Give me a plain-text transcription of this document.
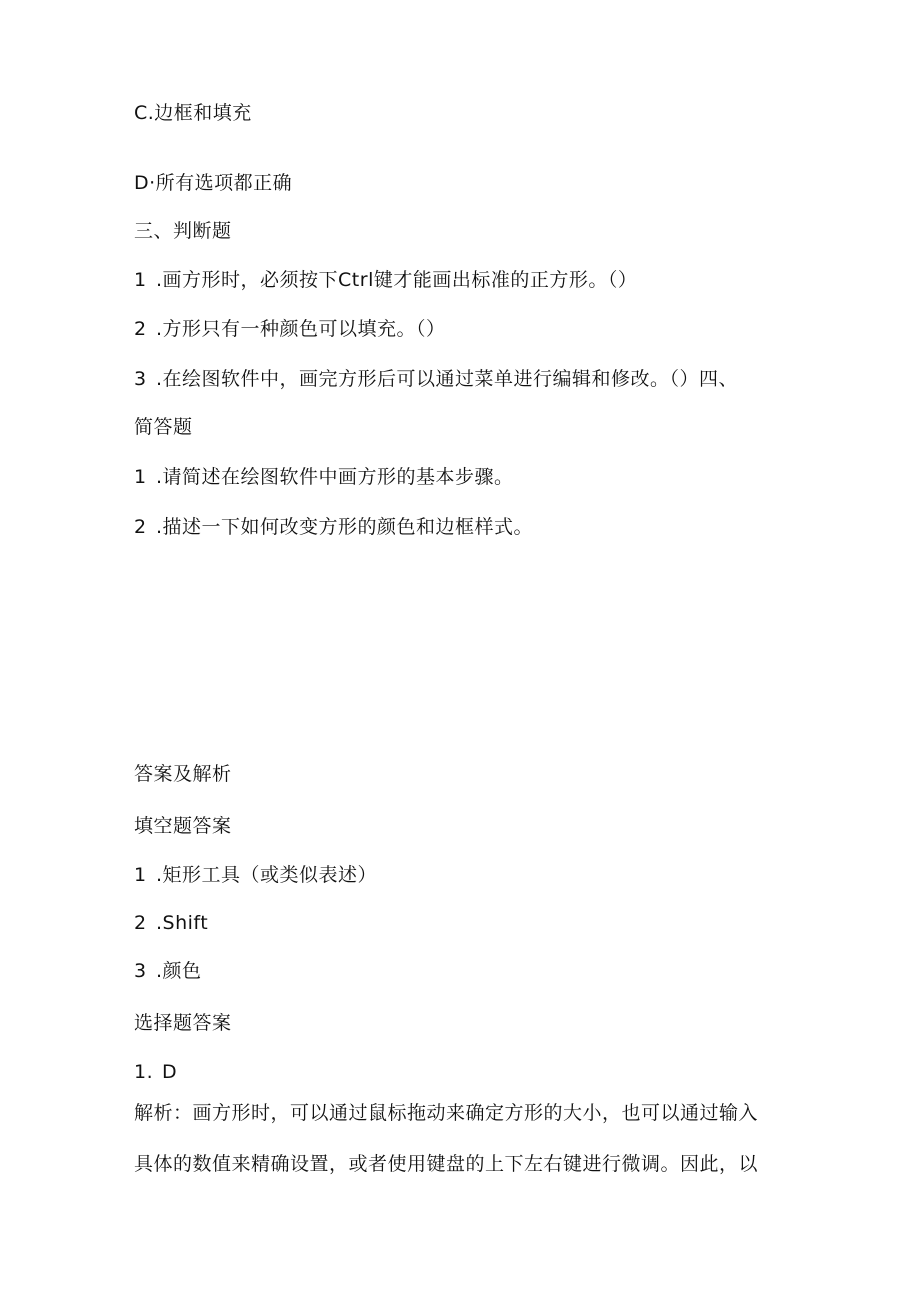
C.边框和填充
D·所有选项都正确
三、判断题
1 .画方形时，必须按下Ctrl键才能画出标准的正方形。（）
2 .方形只有一种颜色可以填充。（）
3 .在绘图软件中，画完方形后可以通过菜单进行编辑和修改。（）四、
简答题
1 .请简述在绘图软件中画方形的基本步骤。
2 .描述一下如何改变方形的颜色和边框样式。
答案及解析
填空题答案
1 .矩形工具（或类似表述）
2 .Shift
3 .颜色
选择题答案
1. D
解析：画方形时，可以通过鼠标拖动来确定方形的大小，也可以通过输入
具体的数值来精确设置，或者使用键盘的上下左右键进行微调。因此，以
